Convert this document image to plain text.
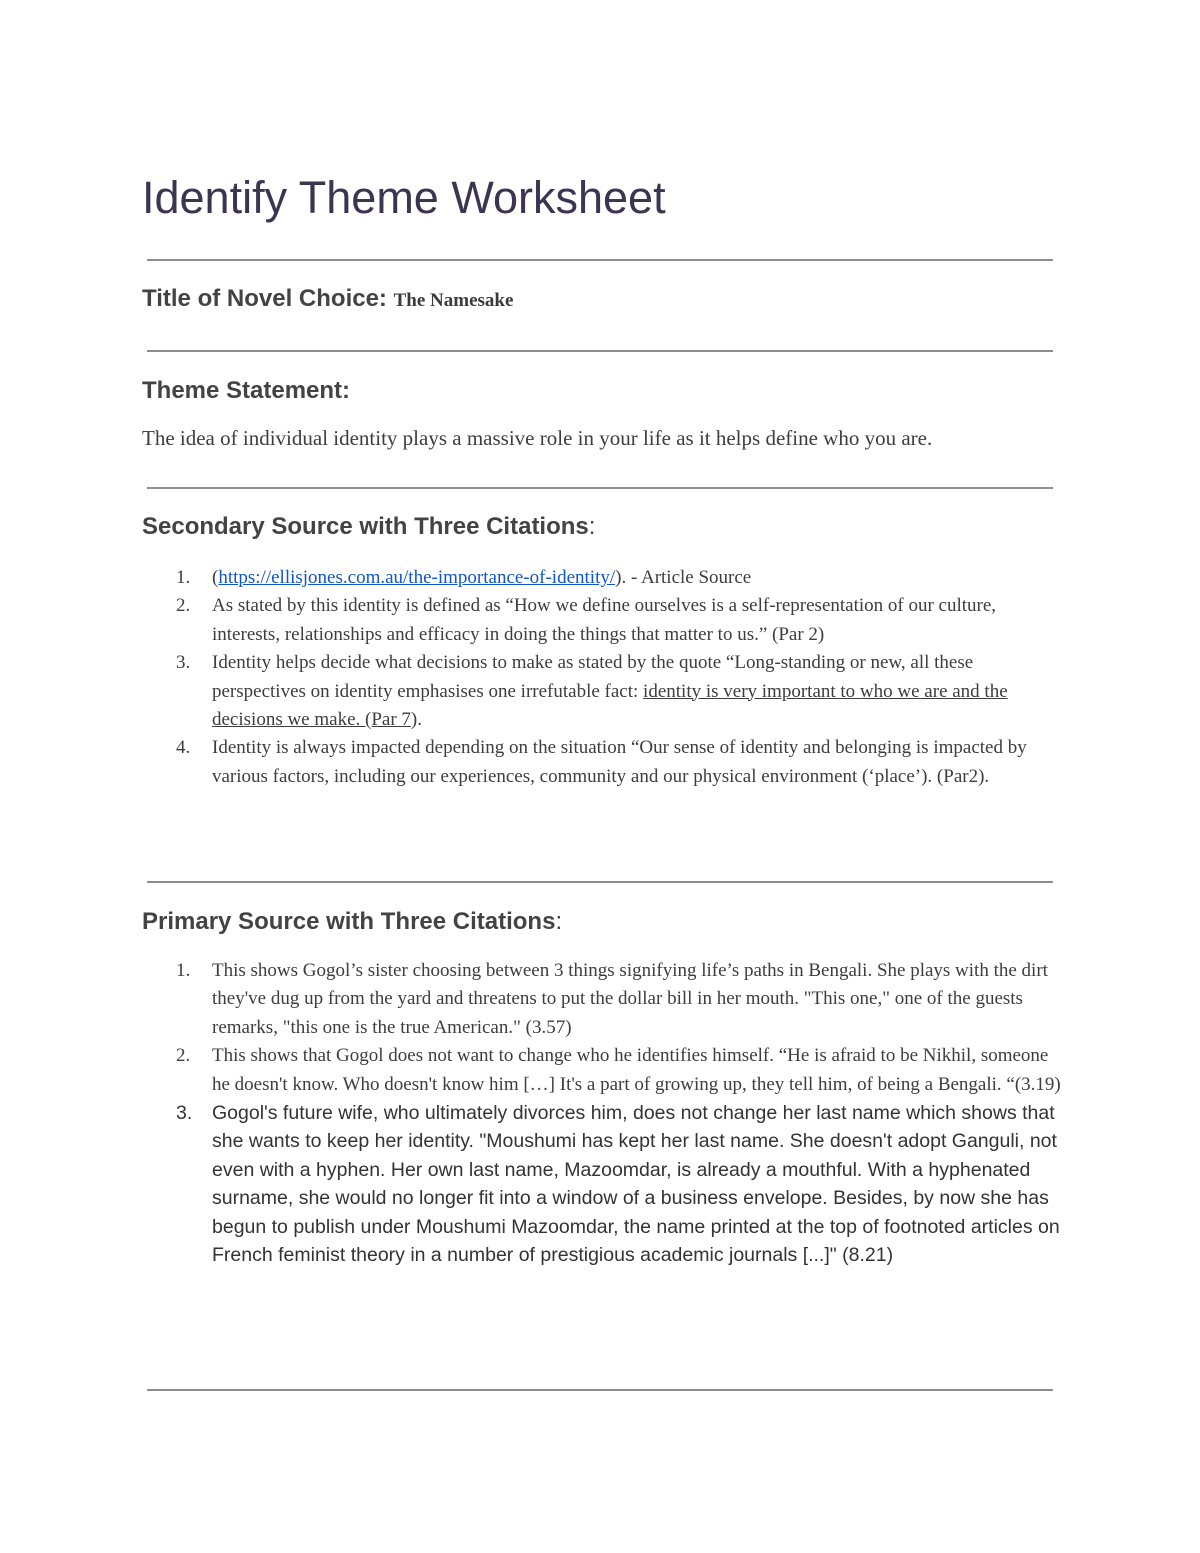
Identify Theme Worksheet

Title of Novel Choice: The Namesake

Theme Statement:

The idea of individual identity plays a massive role in your life as it helps define who you are.

Secondary Source with Three Citations:

1. (https://ellisjones.com.au/the-importance-of-identity/). - Article Source
2. As stated by this identity is defined as “How we define ourselves is a self-representation of our culture, interests, relationships and efficacy in doing the things that matter to us.” (Par 2)
3. Identity helps decide what decisions to make as stated by the quote “Long-standing or new, all these perspectives on identity emphasises one irrefutable fact: identity is very important to who we are and the decisions we make. (Par 7).
4. Identity is always impacted depending on the situation “Our sense of identity and belonging is impacted by various factors, including our experiences, community and our physical environment (‘place’). (Par2).

Primary Source with Three Citations:

1. This shows Gogol’s sister choosing between 3 things signifying life’s paths in Bengali. She plays with the dirt they've dug up from the yard and threatens to put the dollar bill in her mouth. "This one," one of the guests remarks, "this one is the true American." (3.57)
2. This shows that Gogol does not want to change who he identifies himself. “He is afraid to be Nikhil, someone he doesn't know. Who doesn't know him […] It's a part of growing up, they tell him, of being a Bengali. “(3.19)
3. Gogol's future wife, who ultimately divorces him, does not change her last name which shows that she wants to keep her identity. "Moushumi has kept her last name. She doesn't adopt Ganguli, not even with a hyphen. Her own last name, Mazoomdar, is already a mouthful. With a hyphenated surname, she would no longer fit into a window of a business envelope. Besides, by now she has begun to publish under Moushumi Mazoomdar, the name printed at the top of footnoted articles on French feminist theory in a number of prestigious academic journals [...]" (8.21)
